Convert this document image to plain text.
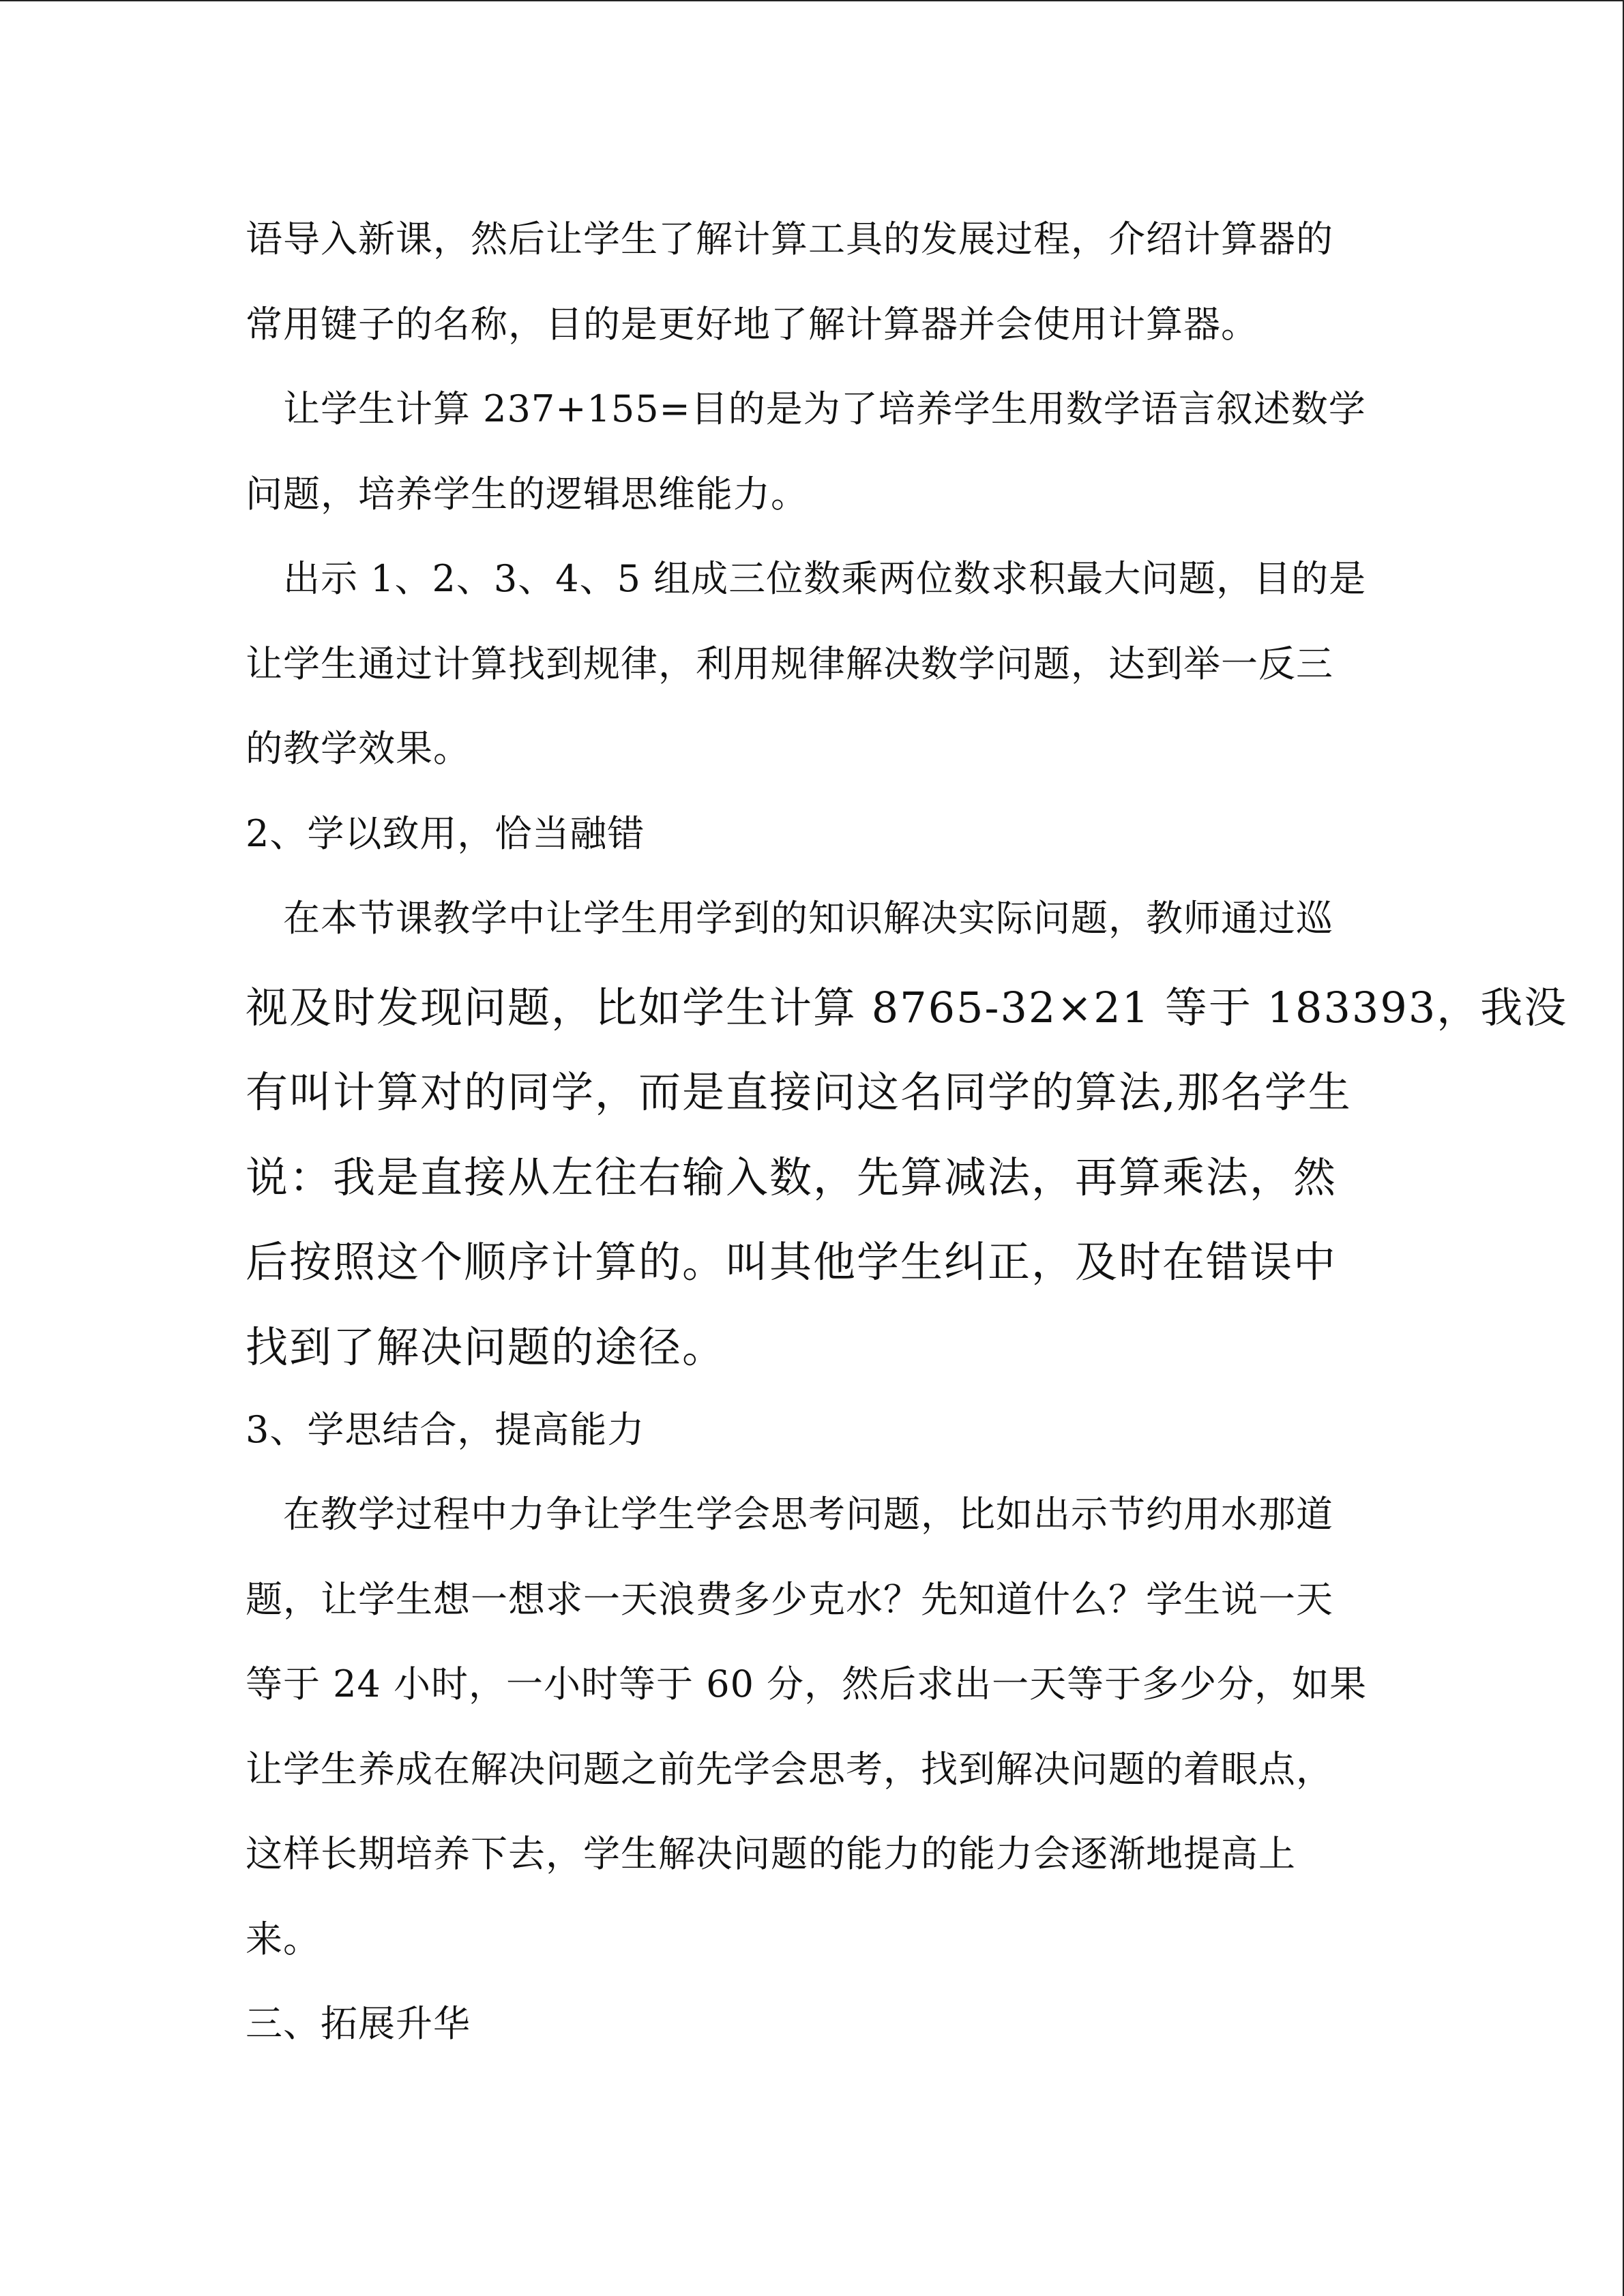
语导入新课，然后让学生了解计算工具的发展过程，介绍计算器的
常用键子的名称，目的是更好地了解计算器并会使用计算器。
　让学生计算 237+155=目的是为了培养学生用数学语言叙述数学
问题，培养学生的逻辑思维能力。
　出示 1、2、3、4、5 组成三位数乘两位数求积最大问题，目的是
让学生通过计算找到规律，利用规律解决数学问题，达到举一反三
的教学效果。
2、学以致用，恰当融错
　在本节课教学中让学生用学到的知识解决实际问题，教师通过巡
视及时发现问题，比如学生计算 8765-32×21 等于 183393，我没
有叫计算对的同学，而是直接问这名同学的算法,那名学生
说：我是直接从左往右输入数，先算减法，再算乘法，然
后按照这个顺序计算的。叫其他学生纠正，及时在错误中
找到了解决问题的途径。
3、学思结合，提高能力
　在教学过程中力争让学生学会思考问题，比如出示节约用水那道
题，让学生想一想求一天浪费多少克水？先知道什么？学生说一天
等于 24 小时，一小时等于 60 分，然后求出一天等于多少分，如果
让学生养成在解决问题之前先学会思考，找到解决问题的着眼点，
这样长期培养下去，学生解决问题的能力的能力会逐渐地提高上
来。
三、拓展升华
